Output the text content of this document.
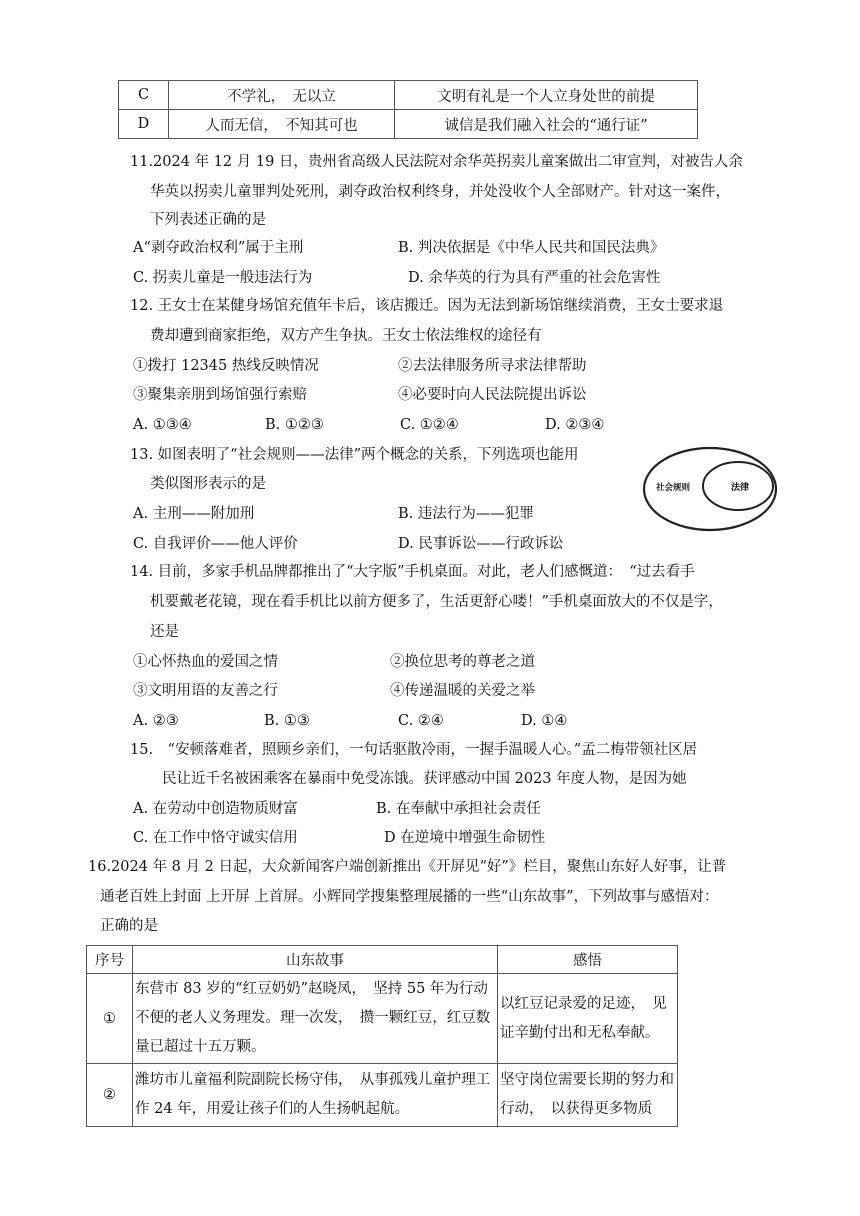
C	不学礼，　无以立	文明有礼是一个人立身处世的前提
D	人而无信，　不知其可也	诚信是我们融入社会的“通行证”
11.2024 年 12 月 19 日，贵州省高级人民法院对余华英拐卖儿童案做出二审宣判，对被告人余
华英以拐卖儿童罪判处死刑，剥夺政治权利终身，并处没收个人全部财产。针对这一案件，
下列表述正确的是
A“剥夺政治权利”属于主刑	B. 判决依据是《中华人民共和国民法典》
C. 拐卖儿童是一般违法行为	D. 余华英的行为具有严重的社会危害性
12. 王女士在某健身场馆充值年卡后，该店搬迁。因为无法到新场馆继续消费，王女士要求退
费却遭到商家拒绝，双方产生争执。王女士依法维权的途径有
①拨打 12345 热线反映情况	②去法律服务所寻求法律帮助
③聚集亲朋到场馆强行索赔	④必要时向人民法院提出诉讼
A. ①③④	B. ①②③	C. ①②④	D. ②③④
13. 如图表明了“社会规则——法律”两个概念的关系，下列选项也能用
类似图形表示的是
A. 主刑——附加刑	B. 违法行为——犯罪
C. 自我评价——他人评价	D. 民事诉讼——行政诉讼
社会规则	法律
14. 目前，多家手机品牌都推出了“大字版”手机桌面。对此，老人们感慨道：　“过去看手
机要戴老花镜，现在看手机比以前方便多了，生活更舒心喽！”手机桌面放大的不仅是字，
还是
①心怀热血的爱国之情	②换位思考的尊老之道
③文明用语的友善之行	④传递温暖的关爱之举
A. ②③	B. ①③	C. ②④	D. ①④
15.　“安顿落难者，照顾乡亲们，一句话驱散冷雨，一握手温暖人心。”孟二梅带领社区居
民让近千名被困乘客在暴雨中免受冻饿。获评感动中国 2023 年度人物，是因为她
A. 在劳动中创造物质财富	B. 在奉献中承担社会责任
C. 在工作中恪守诚实信用	D 在逆境中增强生命韧性
16.2024 年 8 月 2 日起，大众新闻客户端创新推出《开屏见“好”》栏目，聚焦山东好人好事，让普
通老百姓上封面 上开屏 上首屏。小辉同学搜集整理展播的一些“山东故事”，下列故事与感悟对：
正确的是
序号	山东故事	感悟
①	东营市 83 岁的“红豆奶奶”赵晓凤，　坚持 55 年为行动不便的老人义务理发。理一次发，　攒一颗红豆，红豆数量已超过十五万颗。	以红豆记录爱的足迹，　见证辛勤付出和无私奉献。
②	潍坊市儿童福利院副院长杨守伟，　从事孤残儿童护理工作 24 年，用爱让孩子们的人生扬帆起航。	坚守岗位需要长期的努力和行动，　以获得更多物质
